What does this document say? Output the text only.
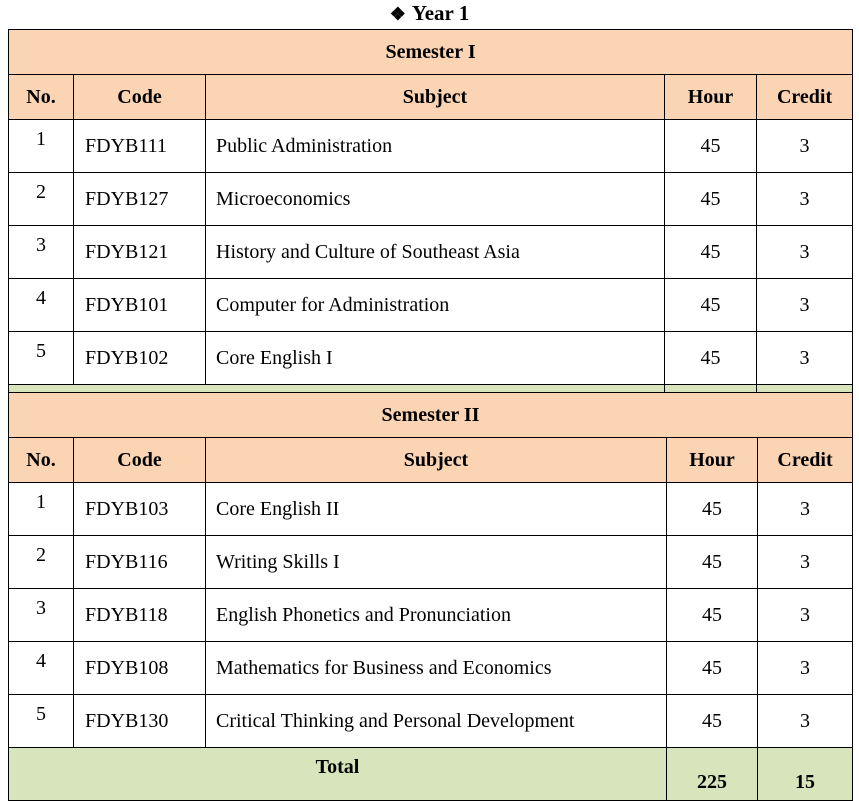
❖ Year 1
Semester I				
No.	Code	Subject	Hour	Credit
1	FDYB111	Public Administration	45	3
2	FDYB127	Microeconomics	45	3
3	FDYB121	History and Culture of Southeast Asia	45	3
4	FDYB101	Computer for Administration	45	3
5	FDYB102	Core English I	45	3

Semester II				
No.	Code	Subject	Hour	Credit
1	FDYB103	Core English II	45	3
2	FDYB116	Writing Skills I	45	3
3	FDYB118	English Phonetics and Pronunciation	45	3
4	FDYB108	Mathematics for Business and Economics	45	3
5	FDYB130	Critical Thinking and Personal Development	45	3
Total			225	15
